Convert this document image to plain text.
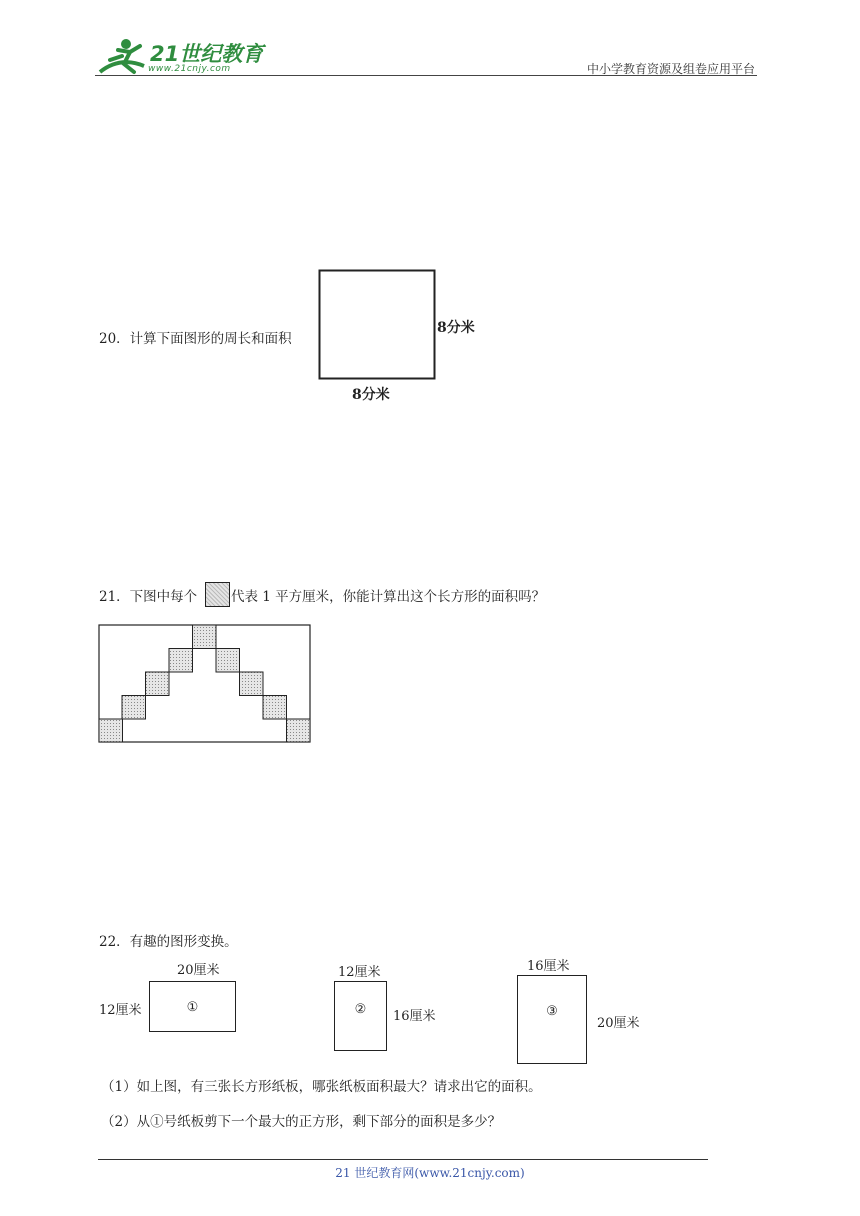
21世纪教育
www.21cnjy.com	中小学教育资源及组卷应用平台
20．计算下面图形的周长和面积
8分米
8分米
21．下图中每个	代表 1 平方厘米，你能计算出这个长方形的面积吗？
22．有趣的图形变换。
20厘米
12厘米	①
12厘米
②	16厘米
16厘米
③
20厘米
（1）如上图，有三张长方形纸板，哪张纸板面积最大？请求出它的面积。
（2）从①号纸板剪下一个最大的正方形，剩下部分的面积是多少？
21 世纪教育网(www.21cnjy.com)
